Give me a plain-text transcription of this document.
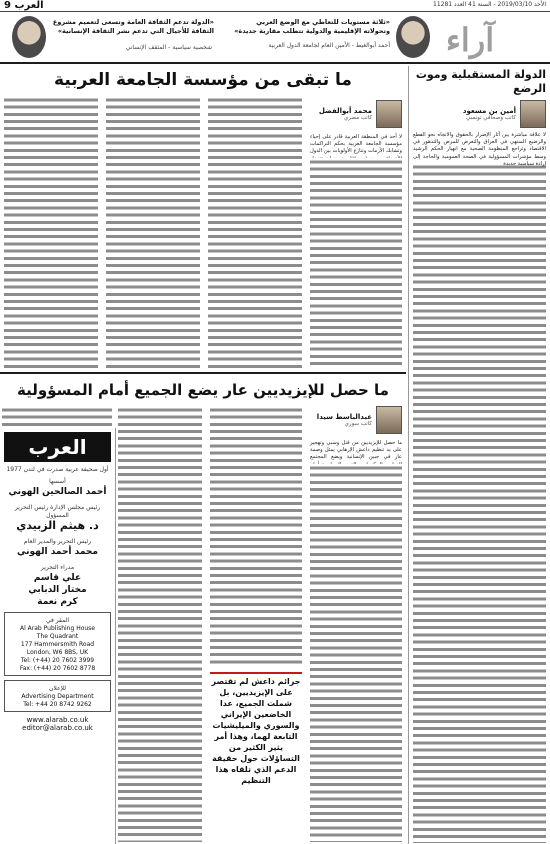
العرب 9	الأحد 2019/03/10 - السنة 41 العدد 11281
آراء
«ثلاثة مستويات للتعاطي مع الوضع العربي وتحولاته الإقليمية والدولية تتطلب مقاربة جديدة»
أحمد أبوالغيط - الأمين العام لجامعة الدول العربية
«الدولة تدعم الثقافة العامة وتسعى لتعميم مشروع الثقافة للأجيال التي تدعم نشر الثقافة الإنسانية»
شخصية سياسية - المثقف الإنساني
الدولة المستقبلية وموت الرضع
أمين بن مسعود
كاتب وصحافي تونسي
لا علاقة مباشرة بين آثار الإضرار بالحقوق والاتجاه نحو القطع والرضيع المنتهي في العراق والتعرض للمرض والتدهور في الاقتصاد وتراجع المنظومة الصحية مع انهيار الحكم الرشيد وسط مؤشرات المسؤولية في الصحة العمومية والحاجة إلى إرادة سياسية جديدة
ما تبقى من مؤسسة الجامعة العربية
محمد أبوالفضل
كاتب مصري
لا أحد في المنطقة العربية قادر على إحياء مؤسسة الجامعة العربية بحكم التراكمات وتشابك الأزمات وتنازع الأولويات بين الدول
ما حصل للإيزيديين عار يضع الجميع أمام المسؤولية
عبدالباسط سيدا
كاتب سوري
ما حصل للإيزيديين من قتل وسبي وتهجير على يد تنظيم داعش الإرهابي يمثل وصمة عار في جبين الإنسانية ويضع المجتمع
جرائم داعش لم تقتصر على الإيزيديين، بل شملت الجميع، عدا الخاضعين الإيراني والسوري والميليشيات التابعة لهما، وهذا أمر يثير الكثير من التساؤلات حول حقيقة الدعم الذي تلقاه هذا التنظيم
العرب
أول صحيفة عربية صدرت في لندن 1977
أسسها
أحمد الصالحين الهوني
رئيس مجلس الإدارة رئيس التحرير المسؤول
د. هيثم الزبيدي
رئيس التحرير والمدير العام
محمد أحمد الهوني
مدراء التحرير
علي قاسم
مختار الدبابي
كرم نعمة
المقر في
Al Arab Publishing House
The Quadrant
177 Hammersmith Road
London, W6 8BS, UK
Tel: (+44) 20 7602 3999
Fax: (+44) 20 7602 8778
للإعلان
Advertising Department
Tel: +44 20 8742 9262
www.alarab.co.uk
editor@alarab.co.uk
